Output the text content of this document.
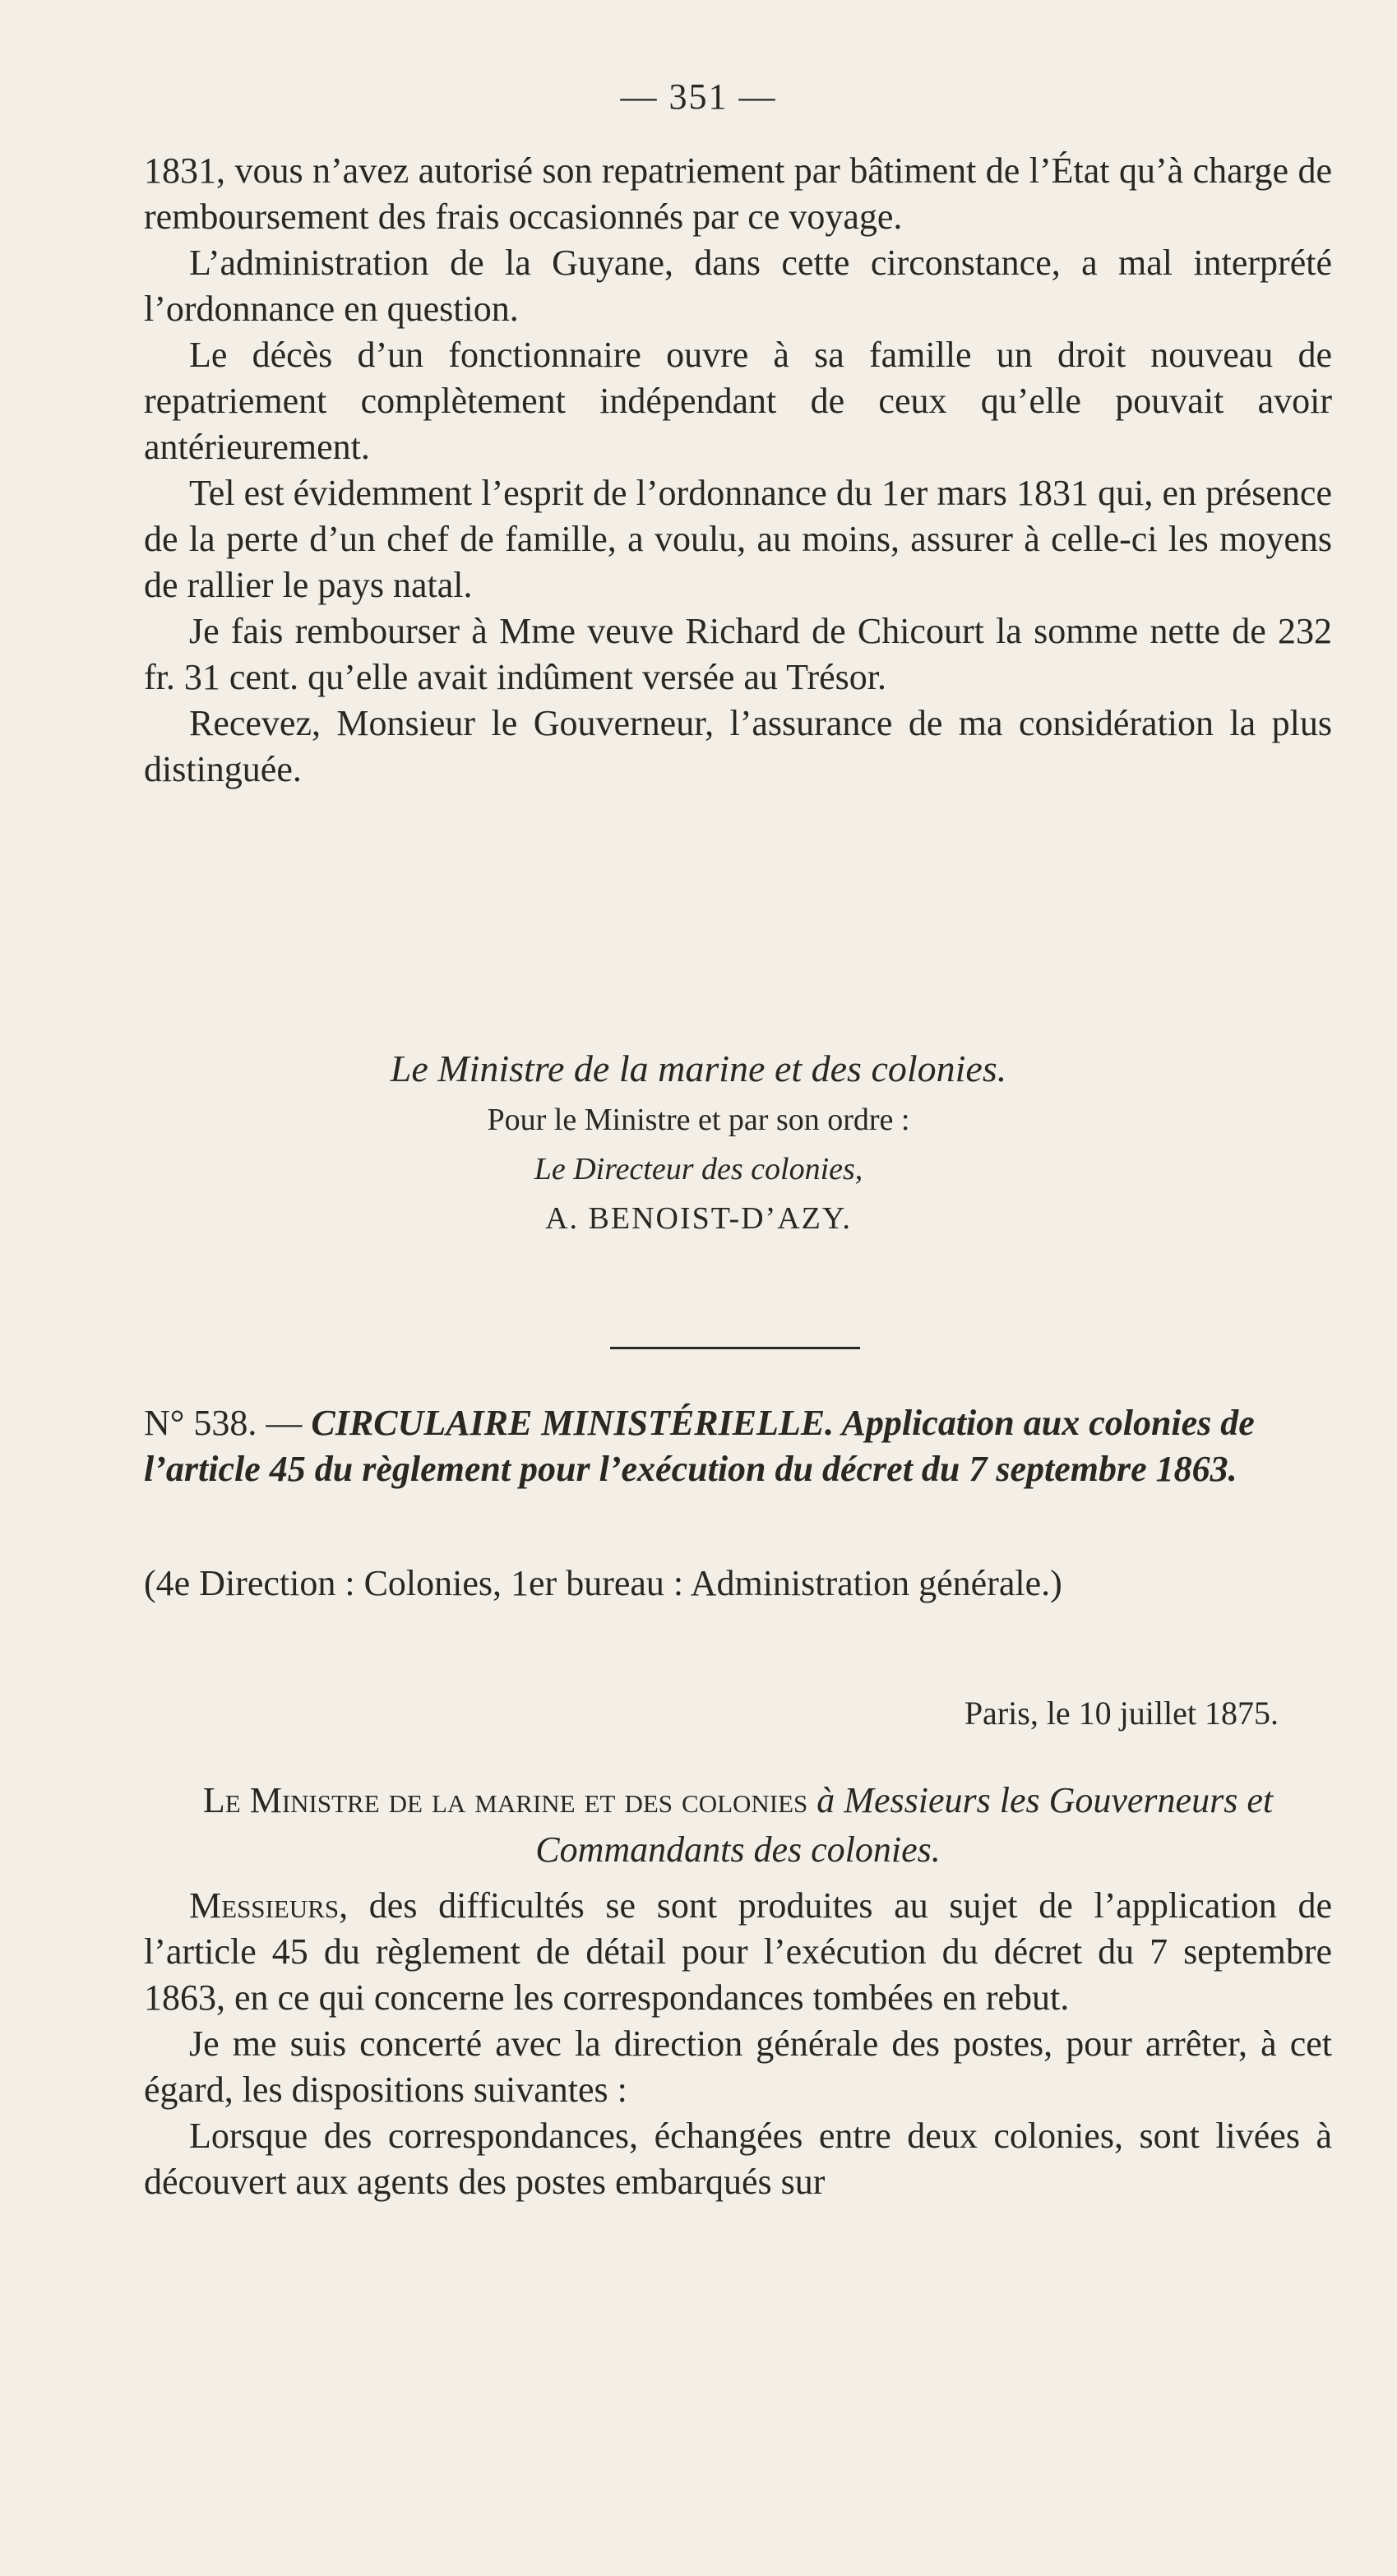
— 351 —

1831, vous n’avez autorisé son repatriement par bâtiment de l’État qu’à charge de remboursement des frais occasionnés par ce voyage.

L’administration de la Guyane, dans cette circonstance, a mal interprété l’ordonnance en question.

Le décès d’un fonctionnaire ouvre à sa famille un droit nouveau de repatriement complètement indépendant de ceux qu’elle pouvait avoir antérieurement.

Tel est évidemment l’esprit de l’ordonnance du 1er mars 1831 qui, en présence de la perte d’un chef de famille, a voulu, au moins, assurer à celle-ci les moyens de rallier le pays natal.

Je fais rembourser à Mme veuve Richard de Chicourt la somme nette de 232 fr. 31 cent. qu’elle avait indûment versée au Trésor.

Recevez, Monsieur le Gouverneur, l’assurance de ma considération la plus distinguée.

Le Ministre de la marine et des colonies.
Pour le Ministre et par son ordre :
Le Directeur des colonies,
A. BENOIST-D’AZY.
N° 538. — CIRCULAIRE MINISTÉRIELLE. Application aux colonies de l’article 45 du règlement pour l’exécution du décret du 7 septembre 1863.
(4e Direction : Colonies, 1er bureau : Administration générale.)
Paris, le 10 juillet 1875.
Le Ministre de la marine et des colonies à Messieurs les Gouverneurs et Commandants des colonies.

Messieurs, des difficultés se sont produites au sujet de l’application de l’article 45 du règlement de détail pour l’exécution du décret du 7 septembre 1863, en ce qui concerne les correspondances tombées en rebut.

Je me suis concerté avec la direction générale des postes, pour arrêter, à cet égard, les dispositions suivantes :

Lorsque des correspondances, échangées entre deux colonies, sont livées à découvert aux agents des postes embarqués sur
